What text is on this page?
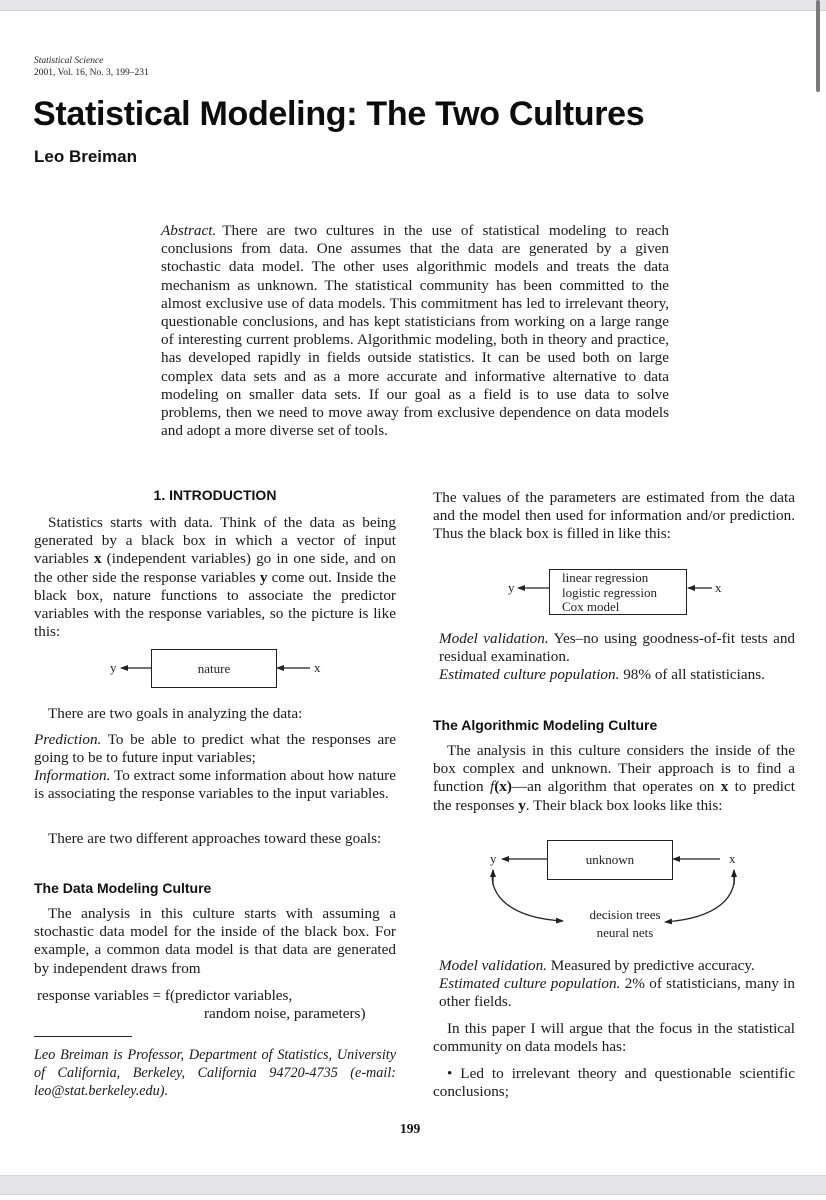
Statistical Science
2001, Vol. 16, No. 3, 199–231
Statistical Modeling: The Two Cultures
Leo Breiman
Abstract. There are two cultures in the use of statistical modeling to reach conclusions from data. One assumes that the data are generated by a given stochastic data model. The other uses algorithmic models and treats the data mechanism as unknown. The statistical community has been committed to the almost exclusive use of data models. This commitment has led to irrelevant theory, questionable conclusions, and has kept statisticians from working on a large range of interesting current problems. Algorithmic modeling, both in theory and practice, has developed rapidly in fields outside statistics. It can be used both on large complex data sets and as a more accurate and informative alternative to data modeling on smaller data sets. If our goal as a field is to use data to solve problems, then we need to move away from exclusive dependence on data models and adopt a more diverse set of tools.
1. INTRODUCTION

Statistics starts with data. Think of the data as being generated by a black box in which a vector of input variables x (independent variables) go in one side, and on the other side the response variables y come out. Inside the black box, nature functions to associate the predictor variables with the response variables, so the picture is like this:

There are two goals in analyzing the data:

Prediction. To be able to predict what the responses are going to be to future input variables;

Information. To extract some information about how nature is associating the response variables to the input variables.

There are two different approaches toward these goals:

The Data Modeling Culture

The analysis in this culture starts with assuming a stochastic data model for the inside of the black box. For example, a common data model is that data are generated by independent draws from

response variables = f(predictor variables,
random noise, parameters)
y	nature	x
Leo Breiman is Professor, Department of Statistics, University of California, Berkeley, California 94720-4735 (e-mail: leo@stat.berkeley.edu).

The values of the parameters are estimated from the data and the model then used for information and/or prediction. Thus the black box is filled in like this:

Model validation. Yes–no using goodness-of-fit tests and residual examination.

Estimated culture population. 98% of all statisticians.

The Algorithmic Modeling Culture

The analysis in this culture considers the inside of the box complex and unknown. Their approach is to find a function f(x)—an algorithm that operates on x to predict the responses y. Their black box looks like this:

Model validation. Measured by predictive accuracy.

Estimated culture population. 2% of statisticians, many in other fields.

In this paper I will argue that the focus in the statistical community on data models has:

• Led to irrelevant theory and questionable scientific conclusions;

y
linear regression
logistic regression
Cox model
x
y	unknown	x
decision trees
neural nets
199
